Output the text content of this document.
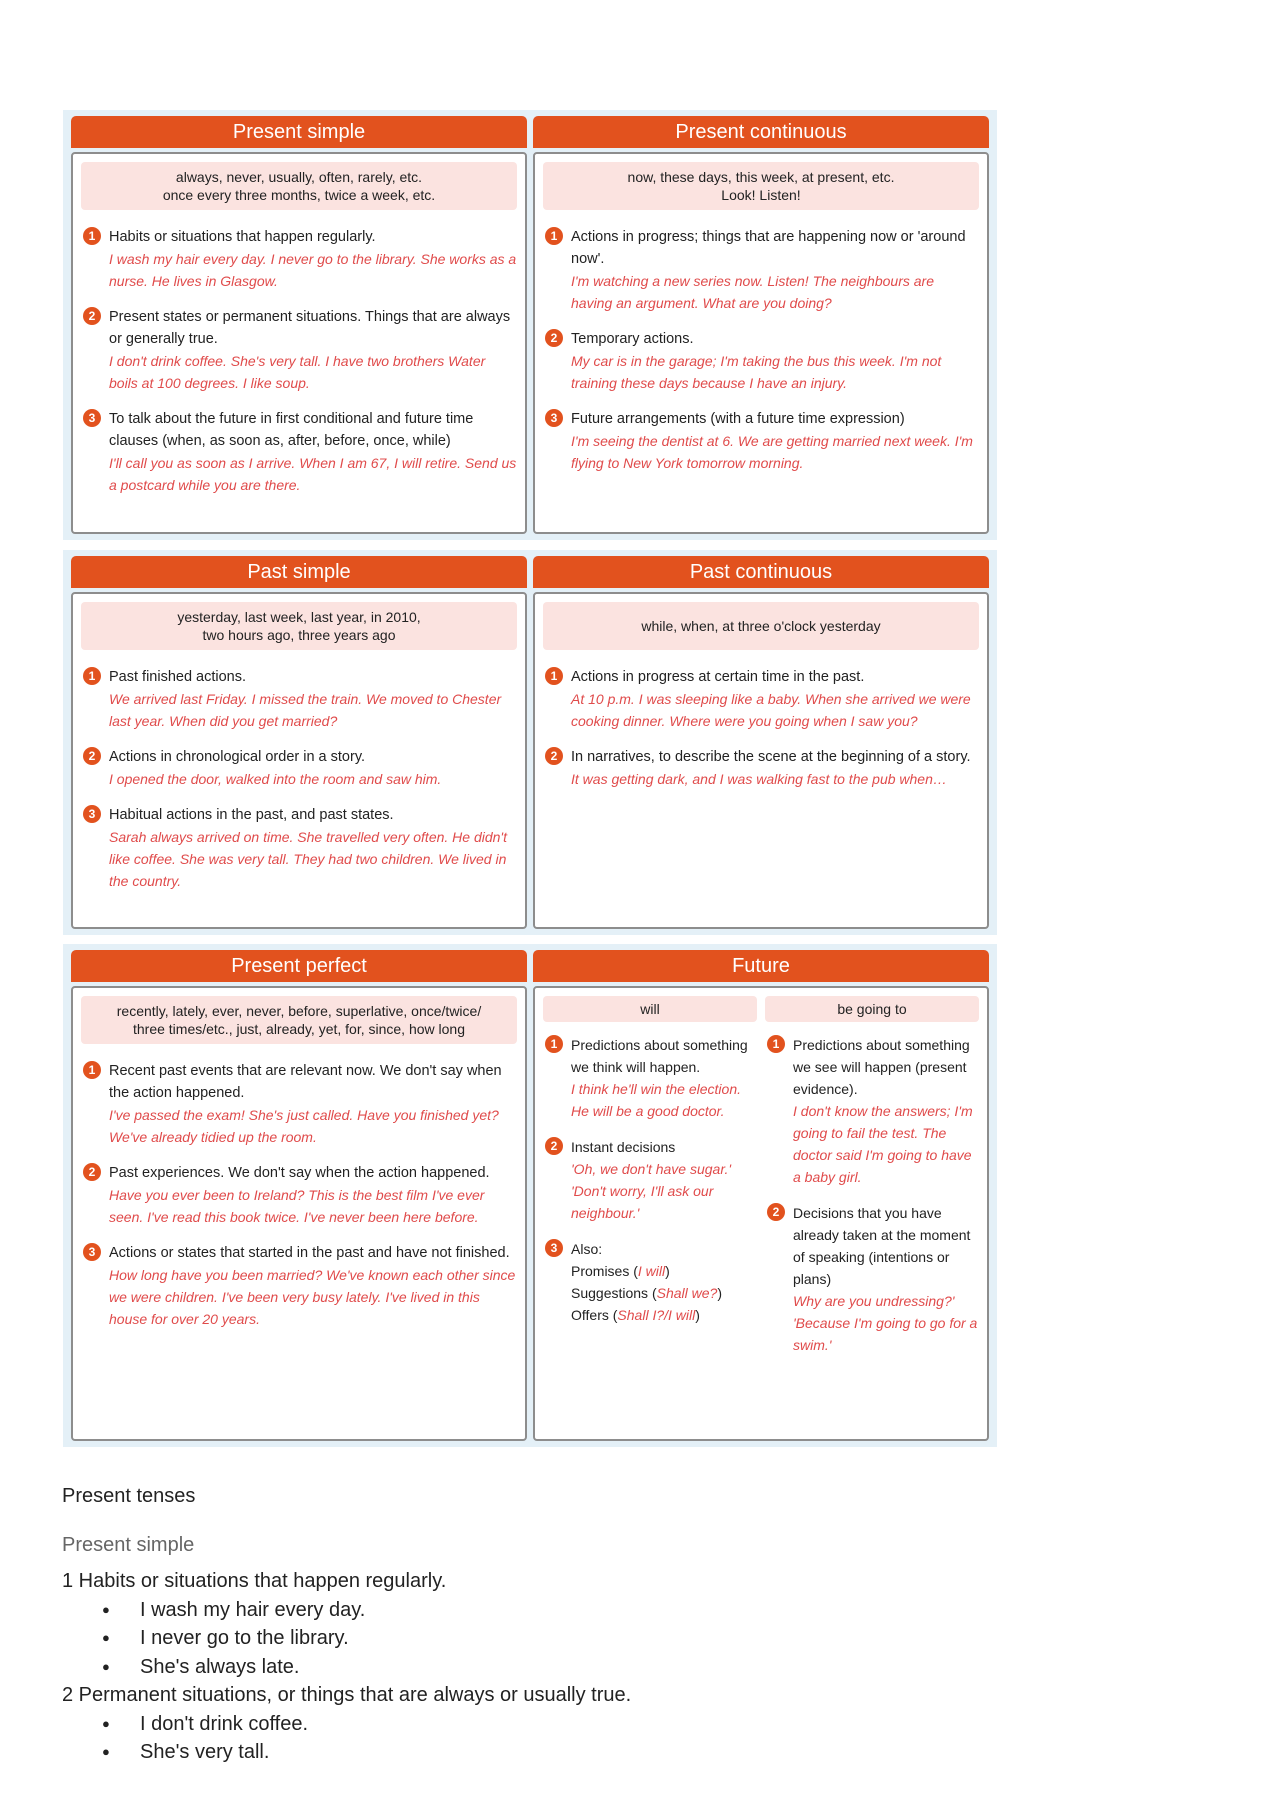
Present simple
always, never, usually, often, rarely, etc.
once every three months, twice a week, etc.
1 Habits or situations that happen regularly.
I wash my hair every day. I never go to the library. She works as a nurse. He lives in Glasgow.
2 Present states or permanent situations. Things that are always or generally true.
I don't drink coffee. She's very tall. I have two brothers Water boils at 100 degrees. I like soup.
3 To talk about the future in first conditional and future time clauses (when, as soon as, after, before, once, while)
I'll call you as soon as I arrive. When I am 67, I will retire. Send us a postcard while you are there.
Present continuous
now, these days, this week, at present, etc.
Look! Listen!
1 Actions in progress; things that are happening now or 'around now'.
I'm watching a new series now. Listen! The neighbours are having an argument. What are you doing?
2 Temporary actions.
My car is in the garage; I'm taking the bus this week. I'm not training these days because I have an injury.
3 Future arrangements (with a future time expression)
I'm seeing the dentist at 6. We are getting married next week. I'm flying to New York tomorrow morning.
Past simple
yesterday, last week, last year, in 2010,
two hours ago, three years ago
1 Past finished actions.
We arrived last Friday. I missed the train. We moved to Chester last year. When did you get married?
2 Actions in chronological order in a story.
I opened the door, walked into the room and saw him.
3 Habitual actions in the past, and past states.
Sarah always arrived on time. She travelled very often. He didn't like coffee. She was very tall. They had two children. We lived in the country.
Past continuous
while, when, at three o'clock yesterday
1 Actions in progress at certain time in the past.
At 10 p.m. I was sleeping like a baby. When she arrived we were cooking dinner. Where were you going when I saw you?
2 In narratives, to describe the scene at the beginning of a story.
It was getting dark, and I was walking fast to the pub when…
Present perfect
recently, lately, ever, never, before, superlative, once/twice/
three times/etc., just, already, yet, for, since, how long
1 Recent past events that are relevant now. We don't say when the action happened.
I've passed the exam! She's just called. Have you finished yet? We've already tidied up the room.
2 Past experiences. We don't say when the action happened.
Have you ever been to Ireland? This is the best film I've ever seen. I've read this book twice. I've never been here before.
3 Actions or states that started in the past and have not finished.
How long have you been married? We've known each other since we were children. I've been very busy lately. I've lived in this house for over 20 years.
Future
will
1 Predictions about something we think will happen.
I think he'll win the election. He will be a good doctor.
2 Instant decisions
'Oh, we don't have sugar.' 'Don't worry, I'll ask our neighbour.'
3 Also:
Promises (I will)
Suggestions (Shall we?)
Offers (Shall I?/I will)
be going to
1 Predictions about something we see will happen (present evidence).
I don't know the answers; I'm going to fail the test. The doctor said I'm going to have a baby girl.
2 Decisions that you have already taken at the moment of speaking (intentions or plans)
Why are you undressing?' 'Because I'm going to go for a swim.'

Present tenses

Present simple

1 Habits or situations that happen regularly.

● I wash my hair every day.
● I never go to the library.
● She's always late.

2 Permanent situations, or things that are always or usually true.

● I don't drink coffee.
● She's very tall.
